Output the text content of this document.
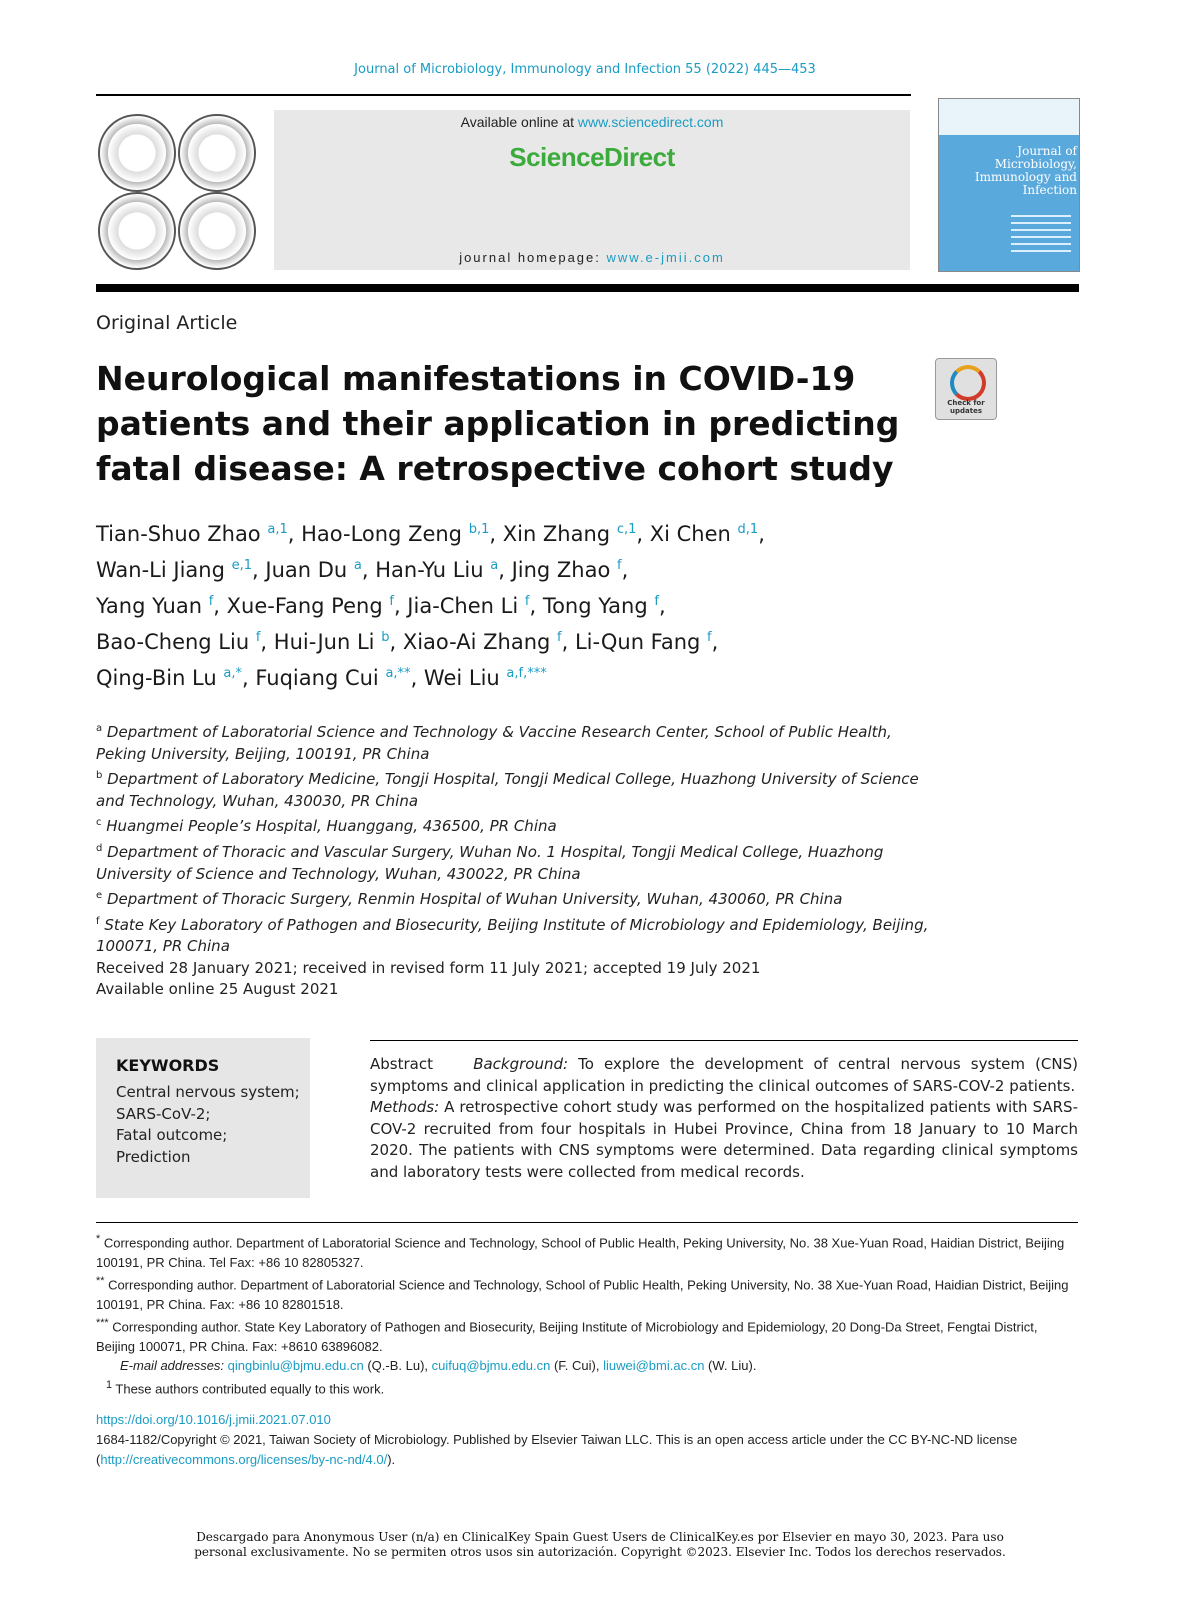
Journal of Microbiology, Immunology and Infection 55 (2022) 445—453
Available online at www.sciencedirect.com
ScienceDirect
journal homepage: www.e-jmii.com
Journal of Microbiology, Immunology and Infection
Original Article
Neurological manifestations in COVID-19 patients and their application in predicting fatal disease: A retrospective cohort study
Check for updates
Tian-Shuo Zhao $^{a,1}$, Hao-Long Zeng $^{b,1}$, Xin Zhang $^{c,1}$, Xi Chen $^{d,1}$,
Wan-Li Jiang $^{e,1}$, Juan Du $^a$, Han-Yu Liu $^a$, Jing Zhao $^f$,
Yang Yuan $^f$, Xue-Fang Peng $^f$, Jia-Chen Li $^f$, Tong Yang $^f$,
Bao-Cheng Liu $^f$, Hui-Jun Li $^b$, Xiao-Ai Zhang $^f$, Li-Qun Fang $^f$,
Qing-Bin Lu $^{a,*}$, Fuqiang Cui $^{a,**}$, Wei Liu $^{a,f,***}$
$^a$ Department of Laboratorial Science and Technology & Vaccine Research Center, School of Public Health, Peking University, Beijing, 100191, PR China
$^b$ Department of Laboratory Medicine, Tongji Hospital, Tongji Medical College, Huazhong University of Science and Technology, Wuhan, 430030, PR China
$^c$ Huangmei People’s Hospital, Huanggang, 436500, PR China
$^d$ Department of Thoracic and Vascular Surgery, Wuhan No. 1 Hospital, Tongji Medical College, Huazhong University of Science and Technology, Wuhan, 430022, PR China
$^e$ Department of Thoracic Surgery, Renmin Hospital of Wuhan University, Wuhan, 430060, PR China
$^f$ State Key Laboratory of Pathogen and Biosecurity, Beijing Institute of Microbiology and Epidemiology, Beijing, 100071, PR China
Received 28 January 2021; received in revised form 11 July 2021; accepted 19 July 2021
Available online 25 August 2021
KEYWORDS
Central nervous system;
SARS-CoV-2;
Fatal outcome;
Prediction
Abstract	Background: To explore the development of central nervous system (CNS) symptoms and clinical application in predicting the clinical outcomes of SARS-COV-2 patients.
Methods: A retrospective cohort study was performed on the hospitalized patients with SARS-COV-2 recruited from four hospitals in Hubei Province, China from 18 January to 10 March 2020. The patients with CNS symptoms were determined. Data regarding clinical symptoms and laboratory tests were collected from medical records.
* Corresponding author. Department of Laboratorial Science and Technology, School of Public Health, Peking University, No. 38 Xue-Yuan Road, Haidian District, Beijing 100191, PR China. Tel Fax: +86 10 82805327.
** Corresponding author. Department of Laboratorial Science and Technology, School of Public Health, Peking University, No. 38 Xue-Yuan Road, Haidian District, Beijing 100191, PR China. Fax: +86 10 82801518.
*** Corresponding author. State Key Laboratory of Pathogen and Biosecurity, Beijing Institute of Microbiology and Epidemiology, 20 Dong-Da Street, Fengtai District, Beijing 100071, PR China. Fax: +8610 63896082.
E-mail addresses: qingbinlu@bjmu.edu.cn (Q.-B. Lu), cuifuq@bjmu.edu.cn (F. Cui), liuwei@bmi.ac.cn (W. Liu).
$^1$ These authors contributed equally to this work.
https://doi.org/10.1016/j.jmii.2021.07.010
1684-1182/Copyright © 2021, Taiwan Society of Microbiology. Published by Elsevier Taiwan LLC. This is an open access article under the CC BY-NC-ND license (http://creativecommons.org/licenses/by-nc-nd/4.0/).
Descargado para Anonymous User (n/a) en ClinicalKey Spain Guest Users de ClinicalKey.es por Elsevier en mayo 30, 2023. Para uso
personal exclusivamente. No se permiten otros usos sin autorización. Copyright ©2023. Elsevier Inc. Todos los derechos reservados.
